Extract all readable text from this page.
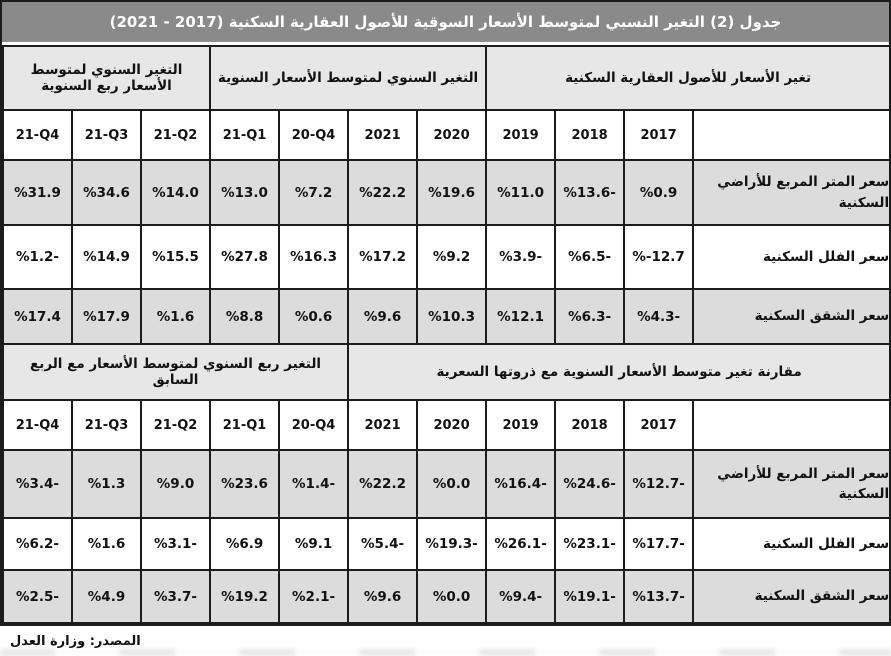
جدول (2) التغير النسبي لمتوسط الأسعار السوقية للأصول العقارية السكنية (2017 - 2021)
تغير الأسعار للأصول العقارية السكنية				التغير السنوي لمتوسط الأسعار السنوية				التغير السنوي لمتوسط الأسعار ربع السنوية		
	2017	2018	2019	2020	2021	20-Q4	21-Q1	21-Q2	21-Q3	21-Q4
سعر المتر المربع للأراضي السكنية	%0.9	%13.6-	%11.0	%19.6	%22.2	%7.2	%13.0	%14.0	%34.6	%31.9
سعر الفلل السكنية	%-12.7	%6.5-	%3.9-	%9.2	%17.2	%16.3	%27.8	%15.5	%14.9	%1.2-
سعر الشقق السكنية	%4.3-	%6.3-	%12.1	%10.3	%9.6	%0.6	%8.8	%1.6	%17.9	%17.4
مقارنة تغير متوسط الأسعار السنوية مع ذروتها السعرية						التغير ربع السنوي لمتوسط الأسعار مع الربع السابق				
	2017	2018	2019	2020	2021	20-Q4	21-Q1	21-Q2	21-Q3	21-Q4
سعر المتر المربع للأراضي السكنية	%12.7-	%24.6-	%16.4-	%0.0	%22.2	%1.4-	%23.6	%9.0	%1.3	%3.4-
سعر الفلل السكنية	%17.7-	%23.1-	%26.1-	%19.3-	%5.4-	%9.1	%6.9	%3.1-	%1.6	%6.2-
سعر الشقق السكنية	%13.7-	%19.1-	%9.4-	%0.0	%9.6	%2.1-	%19.2	%3.7-	%4.9	%2.5-
المصدر: وزارة العدل
